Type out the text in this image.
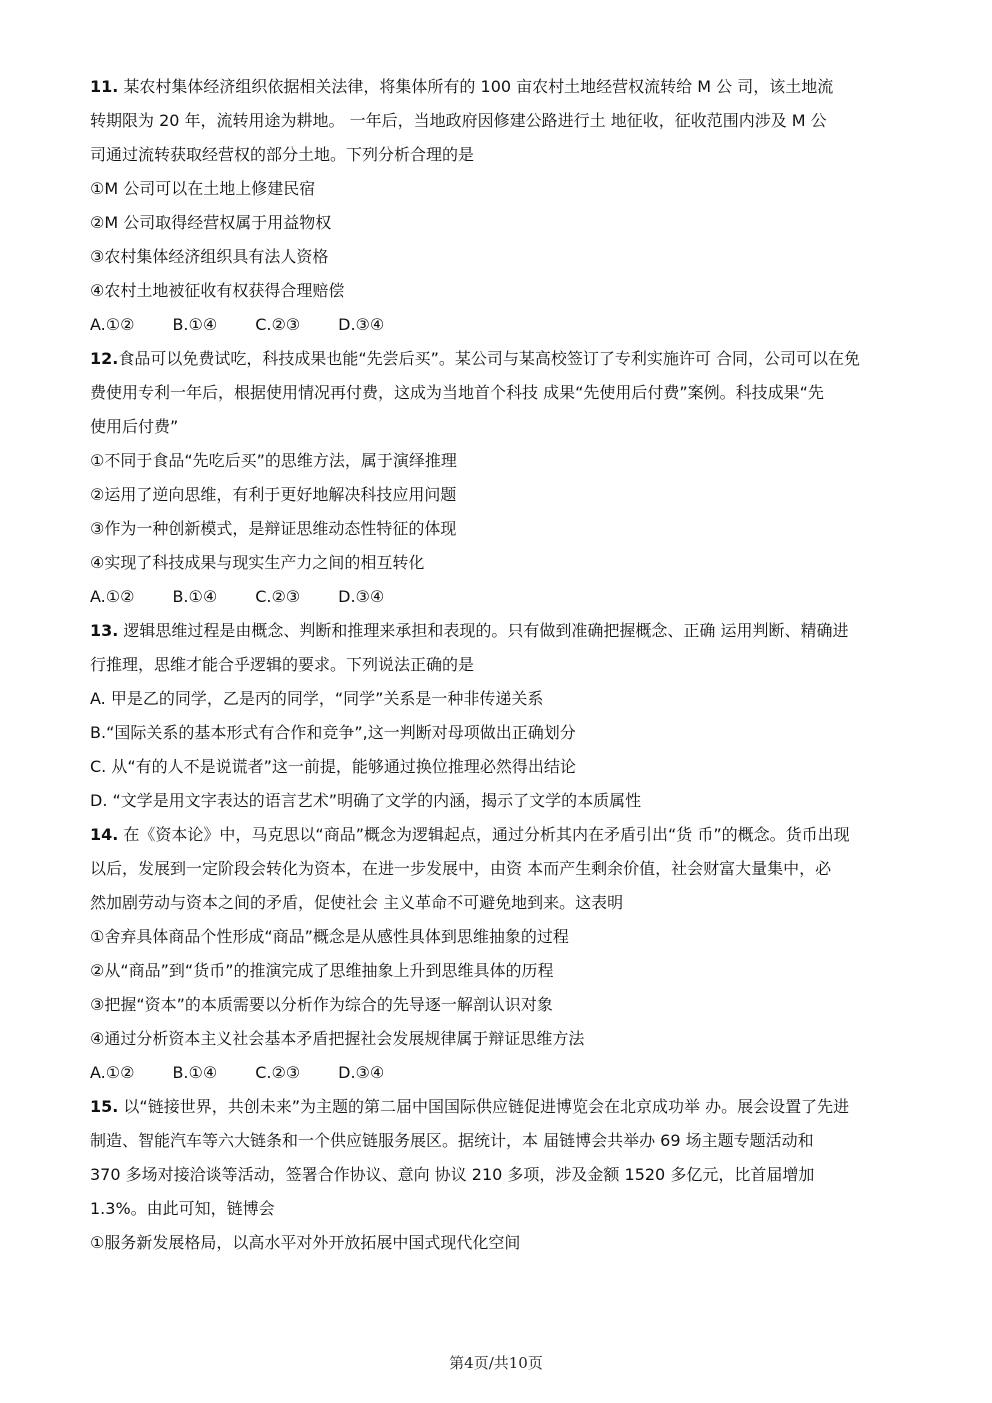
11. 某农村集体经济组织依据相关法律，将集体所有的 100 亩农村土地经营权流转给 M 公 司，该土地流
转期限为 20 年，流转用途为耕地。 一年后，当地政府因修建公路进行土 地征收，征收范围内涉及 M 公
司通过流转获取经营权的部分土地。下列分析合理的是
①M 公司可以在土地上修建民宿
②M 公司取得经营权属于用益物权
③农村集体经济组织具有法人资格
④农村土地被征收有权获得合理赔偿
A.①② B.①④ C.②③ D.③④
12.食品可以免费试吃，科技成果也能“先尝后买”。某公司与某高校签订了专利实施许可 合同，公司可以在免
费使用专利一年后，根据使用情况再付费，这成为当地首个科技 成果“先使用后付费”案例。科技成果“先
使用后付费”
①不同于食品“先吃后买”的思维方法，属于演绎推理
②运用了逆向思维，有利于更好地解决科技应用问题
③作为一种创新模式，是辩证思维动态性特征的体现
④实现了科技成果与现实生产力之间的相互转化
A.①② B.①④ C.②③ D.③④
13. 逻辑思维过程是由概念、判断和推理来承担和表现的。只有做到准确把握概念、正确 运用判断、精确进
行推理，思维才能合乎逻辑的要求。下列说法正确的是
A. 甲是乙的同学，乙是丙的同学，“同学”关系是一种非传递关系
B.“国际关系的基本形式有合作和竞争”,这一判断对母项做出正确划分
C. 从“有的人不是说谎者”这一前提，能够通过换位推理必然得出结论
D. “文学是用文字表达的语言艺术”明确了文学的内涵，揭示了文学的本质属性
14. 在《资本论》中，马克思以“商品”概念为逻辑起点，通过分析其内在矛盾引出“货 币”的概念。货币出现
以后，发展到一定阶段会转化为资本，在进一步发展中，由资 本而产生剩余价值，社会财富大量集中，必
然加剧劳动与资本之间的矛盾，促使社会 主义革命不可避免地到来。这表明
①舍弃具体商品个性形成“商品”概念是从感性具体到思维抽象的过程
②从“商品”到“货币”的推演完成了思维抽象上升到思维具体的历程
③把握“资本”的本质需要以分析作为综合的先导逐一解剖认识对象
④通过分析资本主义社会基本矛盾把握社会发展规律属于辩证思维方法
A.①② B.①④ C.②③ D.③④
15. 以“链接世界，共创未来”为主题的第二届中国国际供应链促进博览会在北京成功举 办。展会设置了先进
制造、智能汽车等六大链条和一个供应链服务展区。据统计，本 届链博会共举办 69 场主题专题活动和
370 多场对接洽谈等活动，签署合作协议、意向 协议 210 多项，涉及金额 1520 多亿元，比首届增加
1.3%。由此可知，链博会
①服务新发展格局，以高水平对外开放拓展中国式现代化空间
第4页/共10页
